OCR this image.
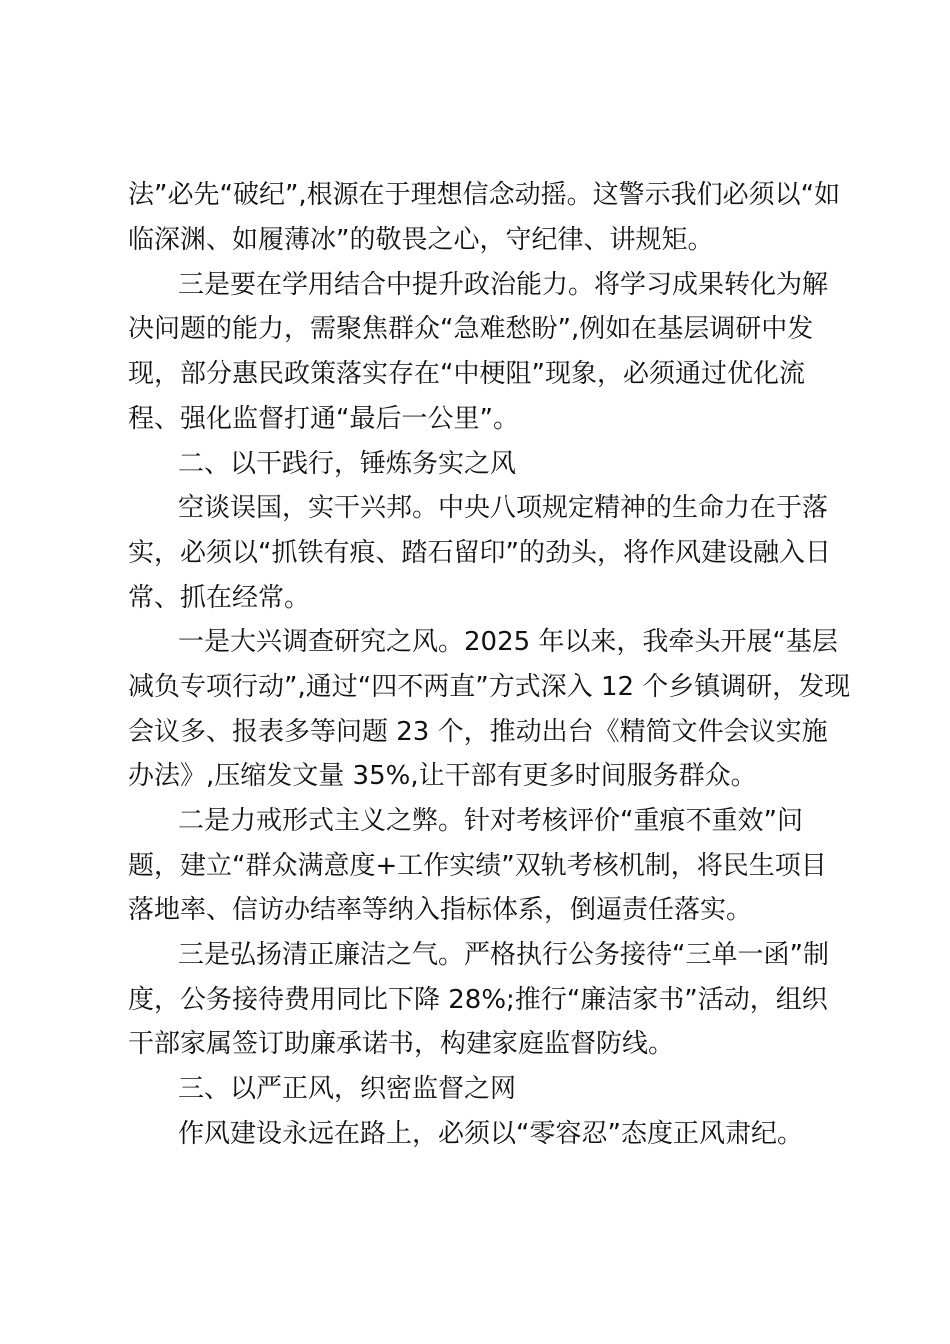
法”必先“破纪”,根源在于理想信念动摇。这警示我们必须以“如
临深渊、如履薄冰”的敬畏之心，守纪律、讲规矩。
三是要在学用结合中提升政治能力。将学习成果转化为解
决问题的能力，需聚焦群众“急难愁盼”,例如在基层调研中发
现，部分惠民政策落实存在“中梗阻”现象，必须通过优化流
程、强化监督打通“最后一公里”。
二、以干践行，锤炼务实之风
空谈误国，实干兴邦。中央八项规定精神的生命力在于落
实，必须以“抓铁有痕、踏石留印”的劲头，将作风建设融入日
常、抓在经常。
一是大兴调查研究之风。2025 年以来，我牵头开展“基层
减负专项行动”,通过“四不两直”方式深入 12 个乡镇调研，发现
会议多、报表多等问题 23 个，推动出台《精简文件会议实施
办法》,压缩发文量 35%,让干部有更多时间服务群众。
二是力戒形式主义之弊。针对考核评价“重痕不重效”问
题，建立“群众满意度+工作实绩”双轨考核机制，将民生项目
落地率、信访办结率等纳入指标体系，倒逼责任落实。
三是弘扬清正廉洁之气。严格执行公务接待“三单一函”制
度，公务接待费用同比下降 28%;推行“廉洁家书”活动，组织
干部家属签订助廉承诺书，构建家庭监督防线。
三、以严正风，织密监督之网
作风建设永远在路上，必须以“零容忍”态度正风肃纪。
